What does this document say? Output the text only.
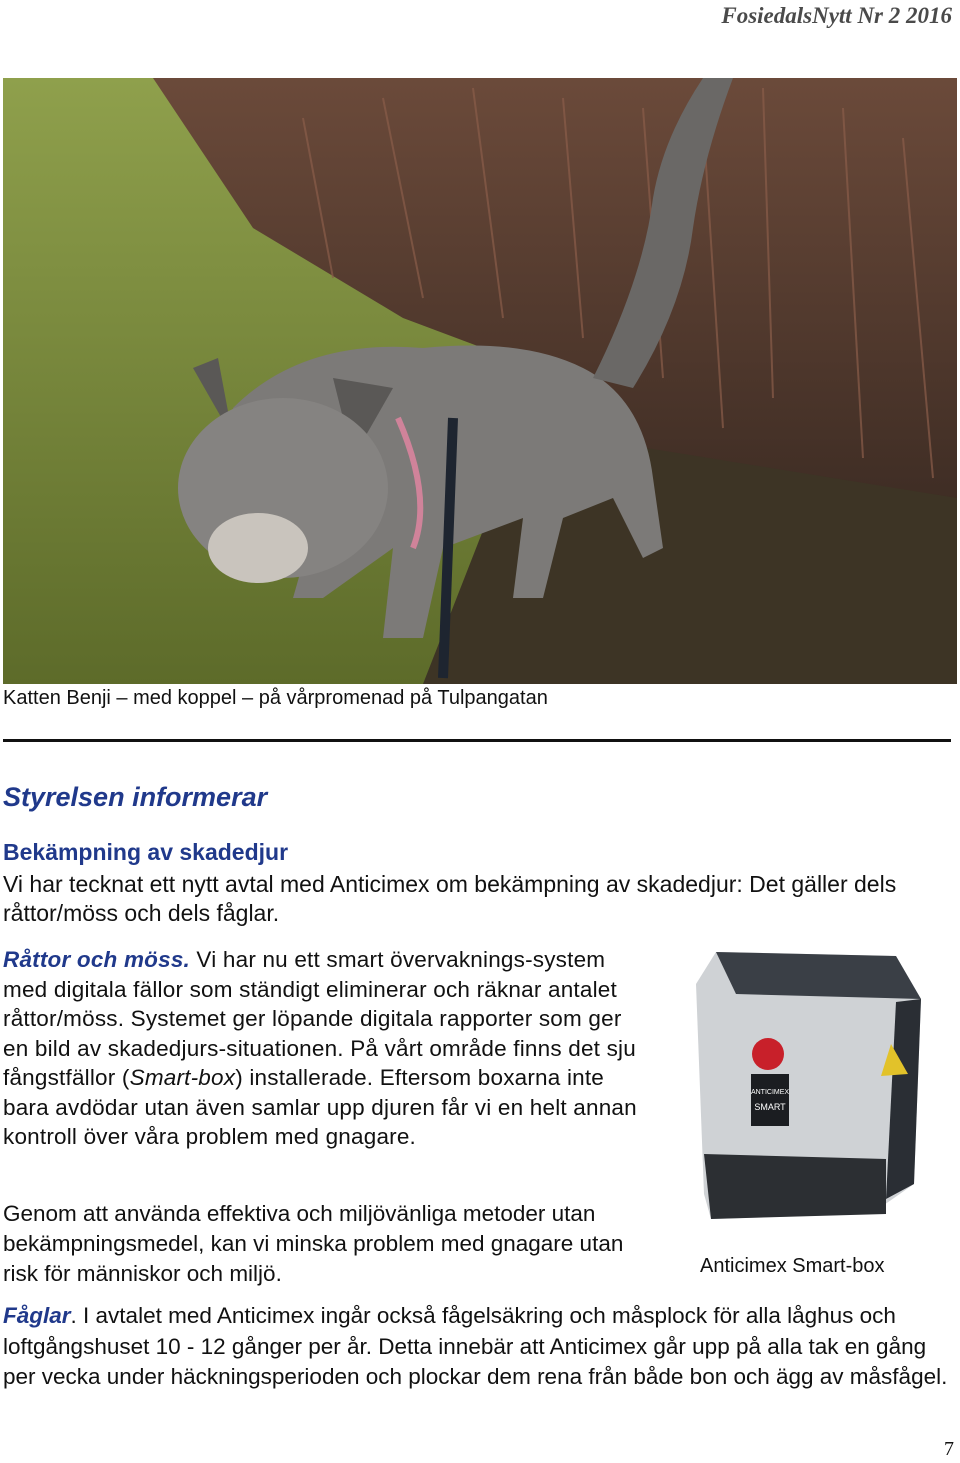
FosiedalsNytt Nr 2 2016
Katten Benji – med koppel – på vårpromenad på Tulpangatan
Styrelsen informerar
Bekämpning av skadedjur

Vi har tecknat ett nytt avtal med Anticimex om bekämpning av skadedjur: Det gäller dels råttor/möss och dels fåglar.

Råttor och möss. Vi har nu ett smart övervaknings-system med digitala fällor som ständigt eliminerar och räknar antalet råttor/möss. Systemet ger löpande digitala rapporter som ger en bild av skadedjurs-situationen. På vårt område finns det sju fångstfällor (Smart-box) installerade. Eftersom boxarna inte bara avdödar utan även samlar upp djuren får vi en helt annan kontroll över våra problem med gnagare.

Genom att använda effektiva och miljövänliga metoder utan bekämpningsmedel, kan vi minska problem med gnagare utan risk för människor och miljö.

ANTICIMEX
SMART
Anticimex Smart-box

Fåglar. I avtalet med Anticimex ingår också fågelsäkring och måsplock för alla låghus och loftgångshuset 10 - 12 gånger per år. Detta innebär att Anticimex går upp på alla tak en gång per vecka under häckningsperioden och plockar dem rena från både bon och ägg av måsfågel.

7
